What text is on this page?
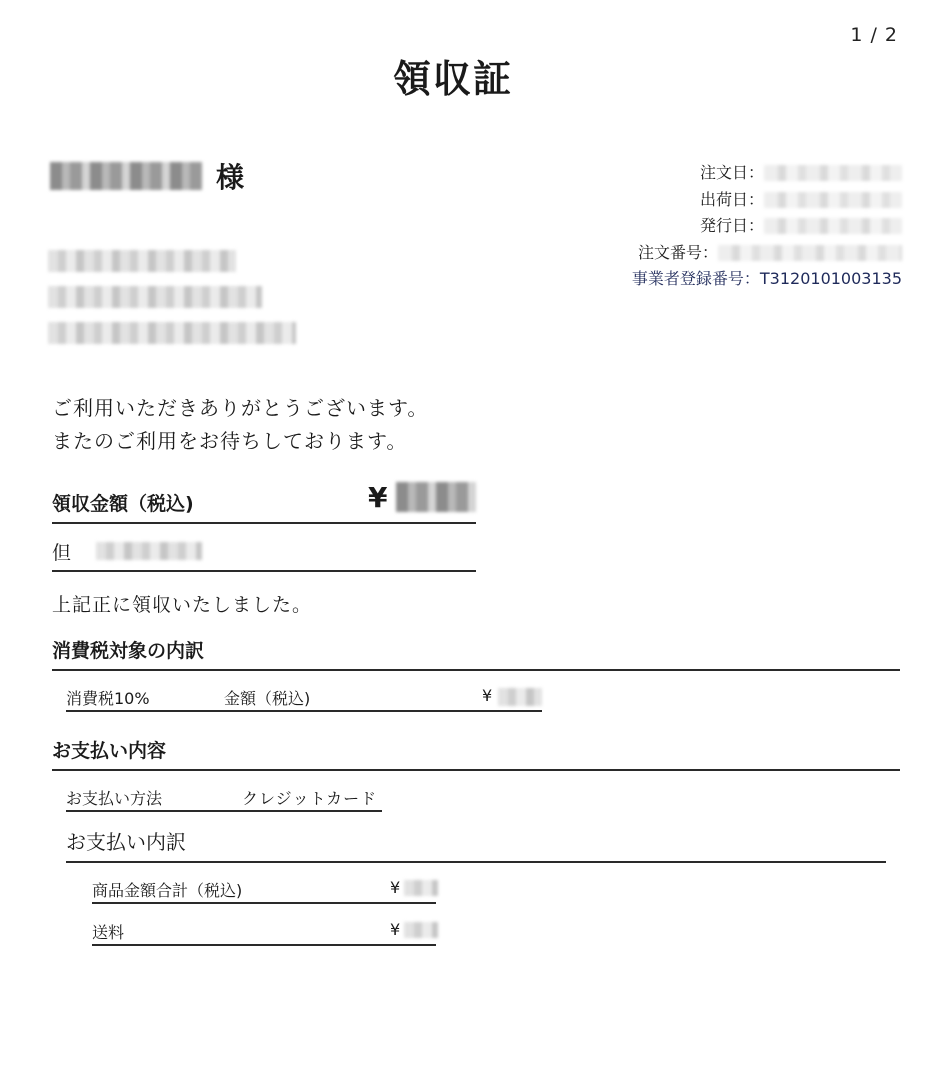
1 / 2
領収証
様	注文日：
出荷日：
発行日：
注文番号：
事業者登録番号： T3120101003135
ご利用いただきありがとうございます。
またのご利用をお待ちしております。
領収金額（税込)	¥
但
上記正に領収いたしました。
消費税対象の内訳
消費税10%	金額（税込)	¥
お支払い内容
お支払い方法	クレジットカード
お支払い内訳
商品金額合計（税込)	¥
送料	¥
